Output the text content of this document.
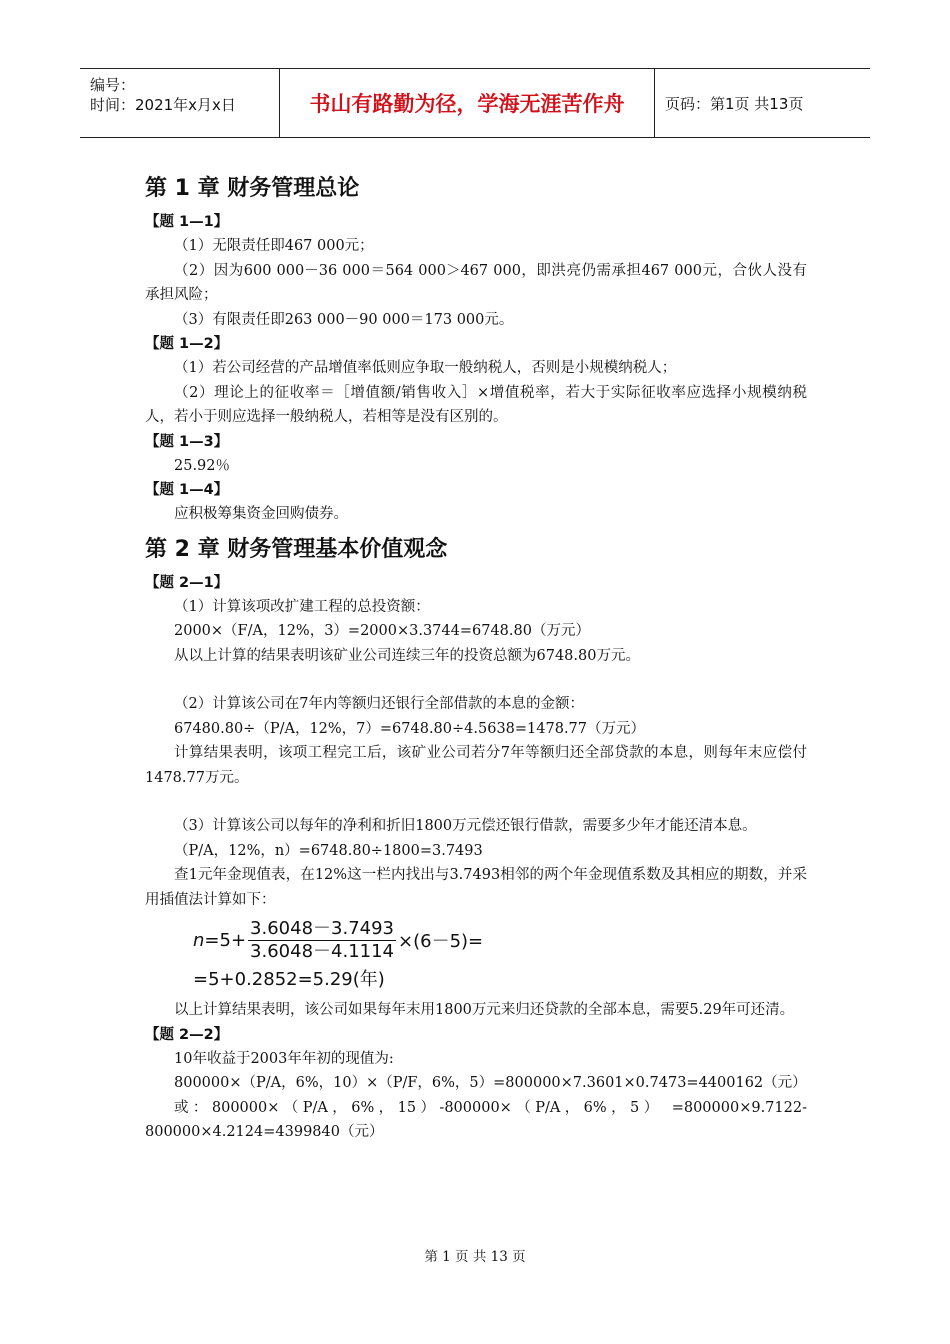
编号：
时间：2021年x月x日	书山有路勤为径，学海无涯苦作舟	页码：第1页 共13页
第 1 章 财务管理总论
【题 1—1】

（1）无限责任即467 000元；

（2）因为600 000－36 000＝564 000＞467 000，即洪亮仍需承担467 000元，合伙人没有承担风险；

（3）有限责任即263 000－90 000＝173 000元。

【题 1—2】

（1）若公司经营的产品增值率低则应争取一般纳税人，否则是小规模纳税人；

（2）理论上的征收率＝［增值额/销售收入］×增值税率，若大于实际征收率应选择小规模纳税人，若小于则应选择一般纳税人，若相等是没有区别的。

【题 1—3】

25.92％

【题 1—4】

应积极筹集资金回购债券。

第 2 章 财务管理基本价值观念
【题 2—1】

（1）计算该项改扩建工程的总投资额：

2000×（F/A，12%，3）=2000×3.3744=6748.80（万元）

从以上计算的结果表明该矿业公司连续三年的投资总额为6748.80万元。

（2）计算该公司在7年内等额归还银行全部借款的本息的金额：

67480.80÷（P/A，12%，7）=6748.80÷4.5638=1478.77（万元）

计算结果表明，该项工程完工后，该矿业公司若分7年等额归还全部贷款的本息，则每年末应偿付1478.77万元。

（3）计算该公司以每年的净利和折旧1800万元偿还银行借款，需要多少年才能还清本息。

（P/A，12%，n）=6748.80÷1800=3.7493

查1元年金现值表，在12%这一栏内找出与3.7493相邻的两个年金现值系数及其相应的期数，并采用插值法计算如下：

$n =5+ \frac{3.6048-3.7493}{3.6048-4.1114} \times(6-5)=$
=5+0.2852=5.29(年)

以上计算结果表明，该公司如果每年末用1800万元来归还贷款的全部本息，需要5.29年可还清。

【题 2—2】

10年收益于2003年年初的现值为:

800000×（P/A，6%，10）×（P/F，6%，5）=800000×7.3601×0.7473=4400162（元）

或：800000×（P/A，6%，15）-800000×（P/A，6%，5） =800000×9.7122-800000×4.2124=4399840（元）

第 1 页 共 13 页
